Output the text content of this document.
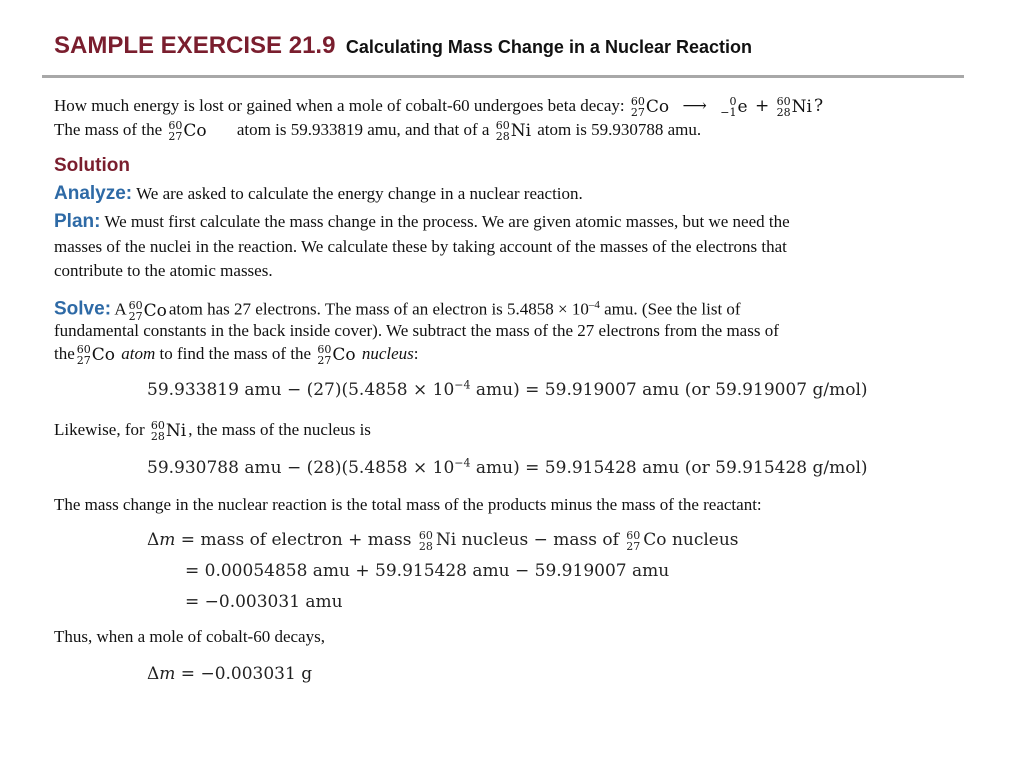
SAMPLE EXERCISE 21.9 Calculating Mass Change in a Nuclear Reaction
How much energy is lost or gained when a mole of cobalt-60 undergoes beta decay: 60
27 Co ⟶ 0
−1 e + 60
28 Ni ?
The mass of the 60
27 Co atom is 59.933819 amu, and that of a 60
28 Ni atom is 59.930788 amu.
Solution
Analyze: We are asked to calculate the energy change in a nuclear reaction.
Plan: We must first calculate the mass change in the process. We are given atomic masses, but we need the
masses of the nuclei in the reaction. We calculate these by taking account of the masses of the electrons that
contribute to the atomic masses.
Solve: A 60
27 Co atom has 27 electrons. The mass of an electron is $5.4858 \times 10^{-4}$ amu. (See the list of
fundamental constants in the back inside cover). We subtract the mass of the 27 electrons from the mass of
the 60
27 Co atom to find the mass of the 60
27 Co nucleus:
59.933819 amu − $(27)(5.4858 \times 10^{-4}$ amu) = 59.919007 amu (or 59.919007 g/mol)
Likewise, for 60
28 Ni , the mass of the nucleus is
59.930788 amu − $(28)(5.4858 \times 10^{-4}$ amu) = 59.915428 amu (or 59.915428 g/mol)
The mass change in the nuclear reaction is the total mass of the products minus the mass of the reactant:
Δm = mass of electron + mass 60
28 Ni nucleus − mass of 60
27 Co nucleus
= 0.00054858 amu + 59.915428 amu − 59.919007 amu
= −0.003031 amu
Thus, when a mole of cobalt-60 decays,
Δm = −0.003031 g
